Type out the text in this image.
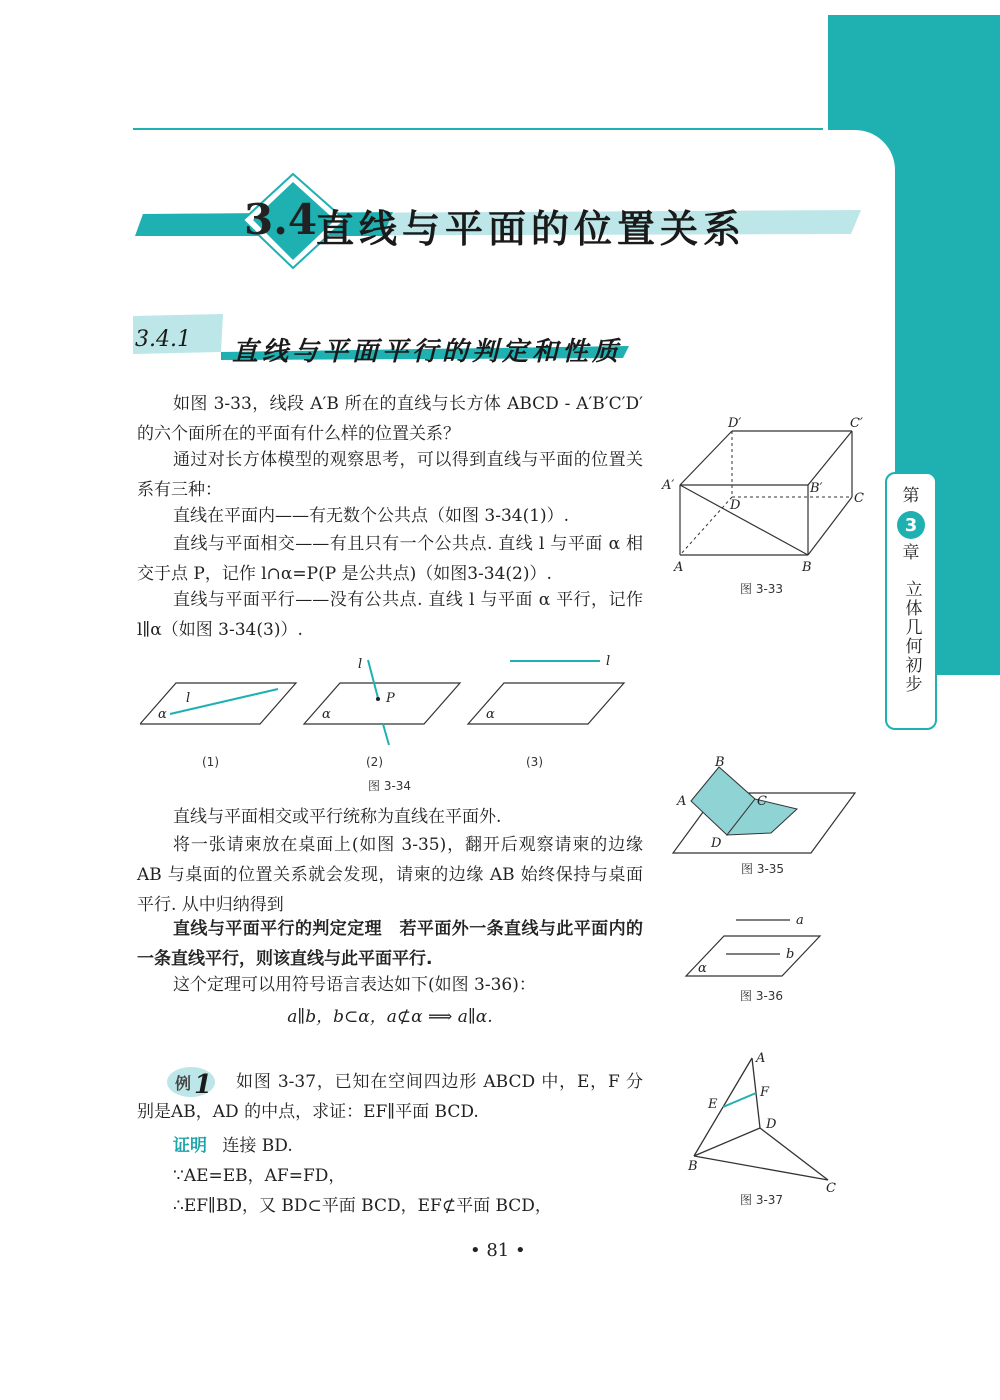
第
3
章
立体几何初步
3.4
直线与平面的位置关系
3.4.1 直线与平面平行的判定和性质

如图 3-33，线段 A′B 所在的直线与长方体 ABCD - A′B′C′D′的六个面所在的平面有什么样的位置关系？

通过对长方体模型的观察思考，可以得到直线与平面的位置关系有三种：

直线在平面内——有无数个公共点（如图 3-34(1)）.

直线与平面相交——有且只有一个公共点. 直线 l 与平面 α 相交于点 P，记作 l∩α=P(P 是公共点)（如图3-34(2)）.

直线与平面平行——没有公共点. 直线 l 与平面 α 平行，记作 l∥α（如图 3-34(3)）.

l
α
l
P
α
l
α
(1)	(2)	(3)
图 3-34

直线与平面相交或平行统称为直线在平面外.

将一张请柬放在桌面上(如图 3-35)，翻开后观察请柬的边缘 AB 与桌面的位置关系就会发现，请柬的边缘 AB 始终保持与桌面平行. 从中归纳得到

直线与平面平行的判定定理　若平面外一条直线与此平面内的一条直线平行，则该直线与此平面平行.

这个定理可以用符号语言表达如下(如图 3-36)：

a∥b，b⊂α，a⊄α ⟹ a∥α.

例 1	如图 3-37，已知在空间四边形 ABCD 中，E，F 分别是AB，AD 的中点，求证：EF∥平面 BCD.

证明 连接 BD.
∵AE=EB，AF=FD，
∴EF∥BD，又 BD⊂平面 BCD，EF⊄平面 BCD，
D′	C′
A′	B′
D	C
A	B
图 3-33
B
A	C
D
图 3-35
a
b
α
图 3-36
A
F
E
D
B
C
图 3-37
• 81 •
